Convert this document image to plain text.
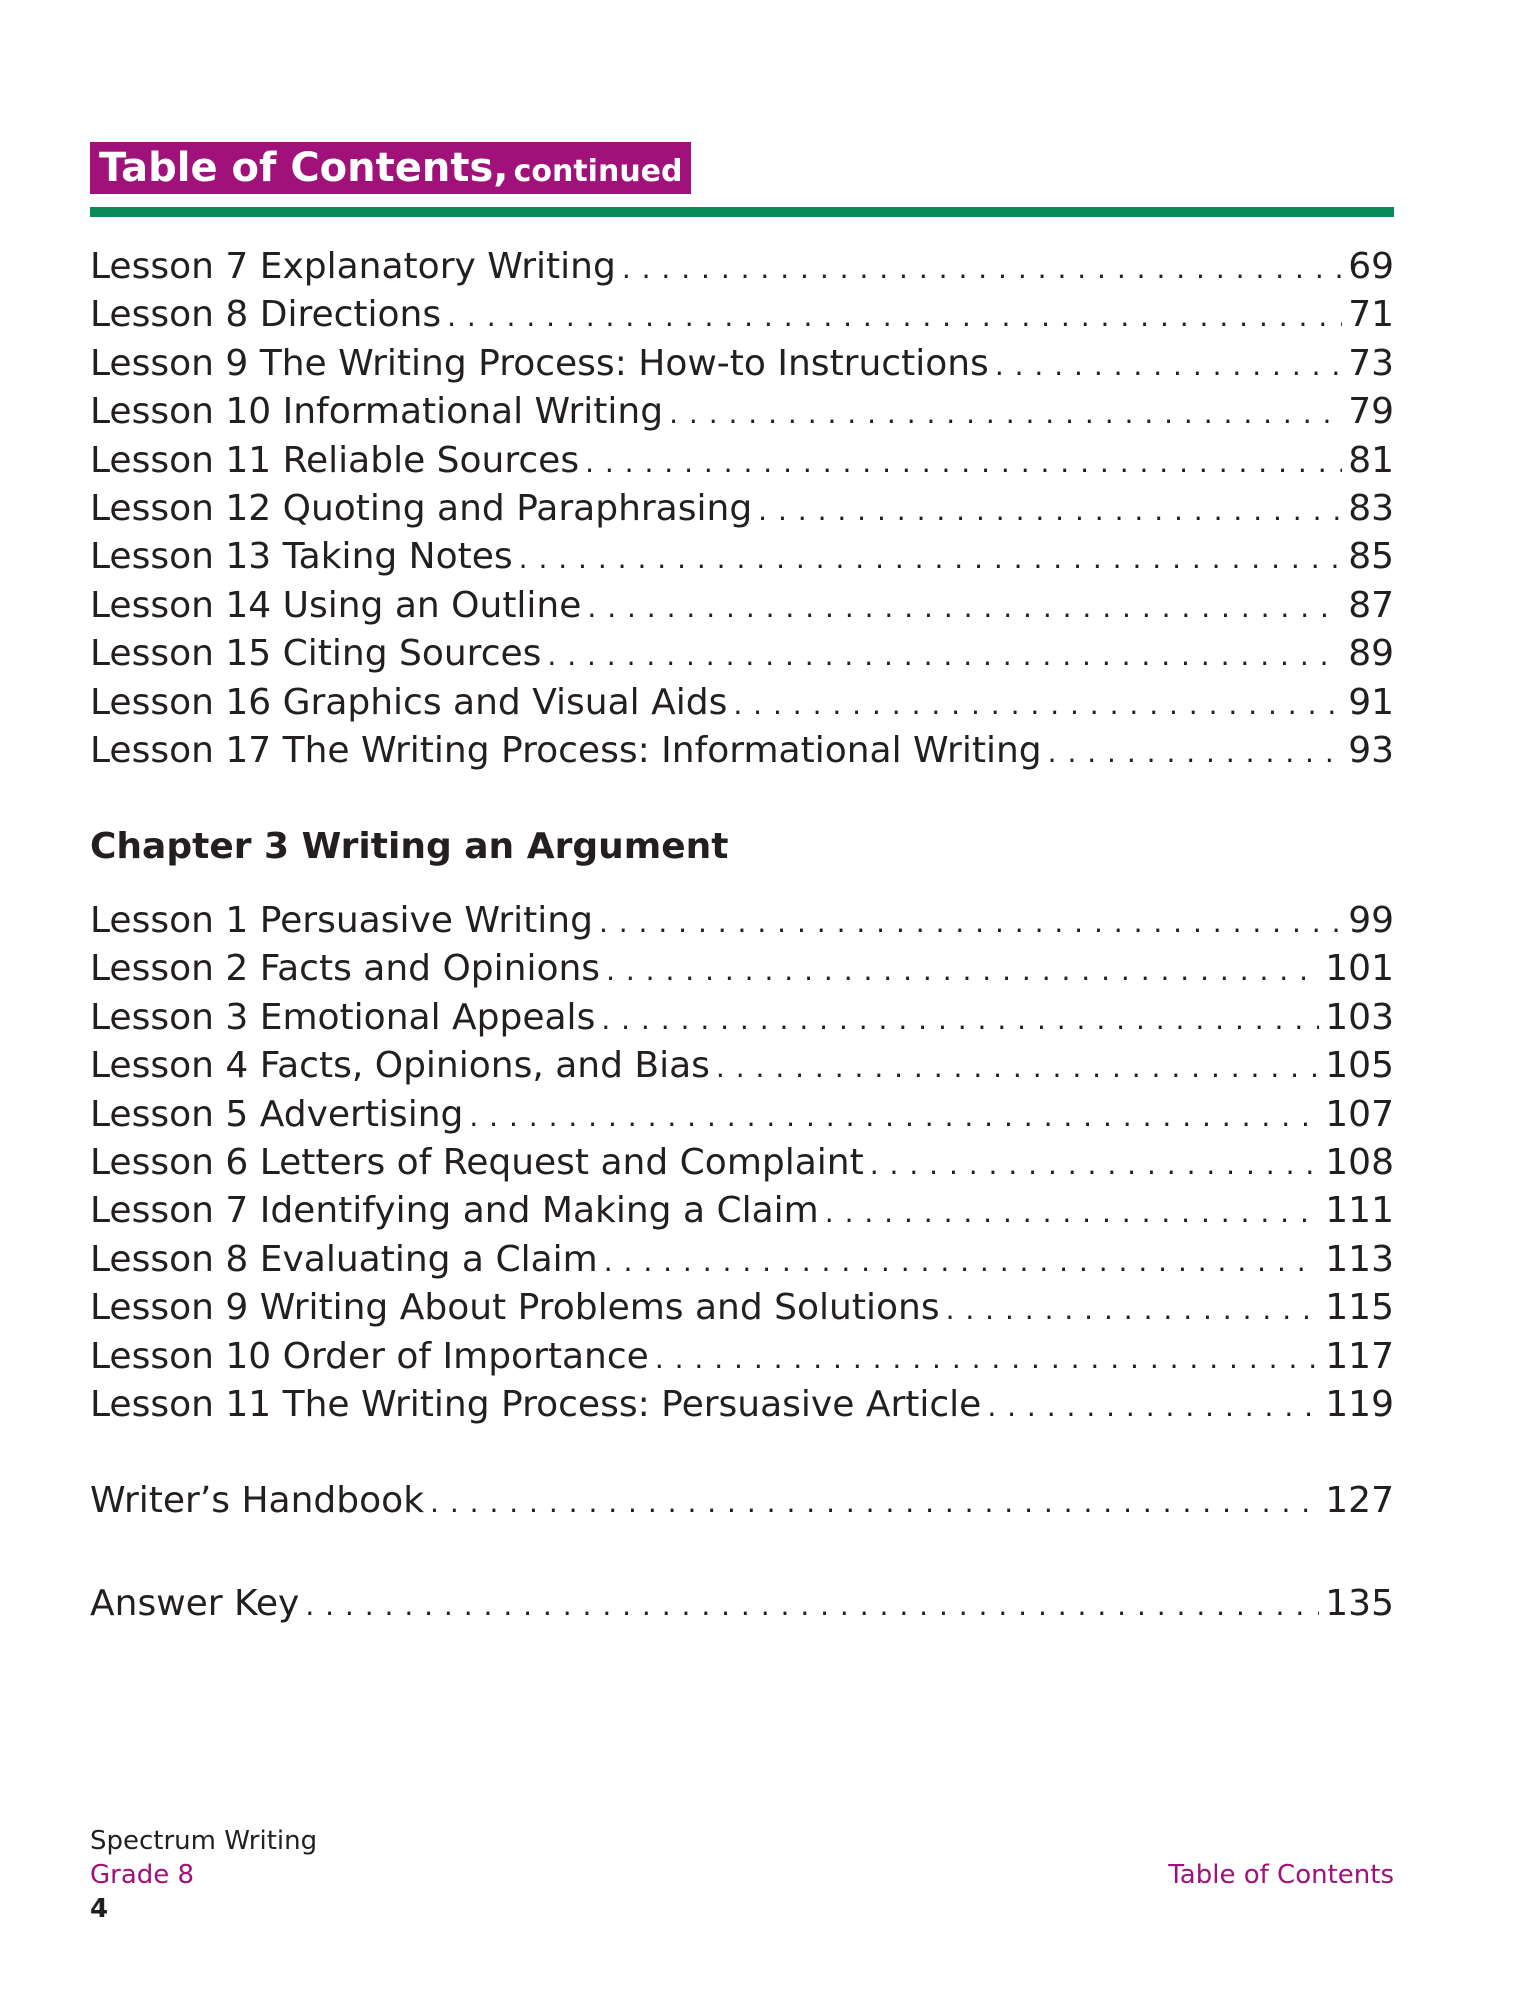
Table of Contents, continued
Lesson 7 Explanatory Writing . . .	69
Lesson 8 Directions . . .	71
Lesson 9 The Writing Process: How-to Instructions . . .	73
Lesson 10 Informational Writing . . .	79
Lesson 11 Reliable Sources . . .	81
Lesson 12 Quoting and Paraphrasing . . .	83
Lesson 13 Taking Notes . . .	85
Lesson 14 Using an Outline . . .	87
Lesson 15 Citing Sources . . .	89
Lesson 16 Graphics and Visual Aids . . .	91
Lesson 17 The Writing Process: Informational Writing . . .	93
Chapter 3 Writing an Argument
Lesson 1 Persuasive Writing . . .	99
Lesson 2 Facts and Opinions . . .	101
Lesson 3 Emotional Appeals . . .	103
Lesson 4 Facts, Opinions, and Bias . . .	105
Lesson 5 Advertising . . .	107
Lesson 6 Letters of Request and Complaint . . .	108
Lesson 7 Identifying and Making a Claim . . .	111
Lesson 8 Evaluating a Claim . . .	113
Lesson 9 Writing About Problems and Solutions . . .	115
Lesson 10 Order of Importance . . .	117
Lesson 11 The Writing Process: Persuasive Article . . .	119
Writer’s Handbook . . .	127
Answer Key . . .	135
Spectrum Writing
Grade 8
4
Table of Contents
